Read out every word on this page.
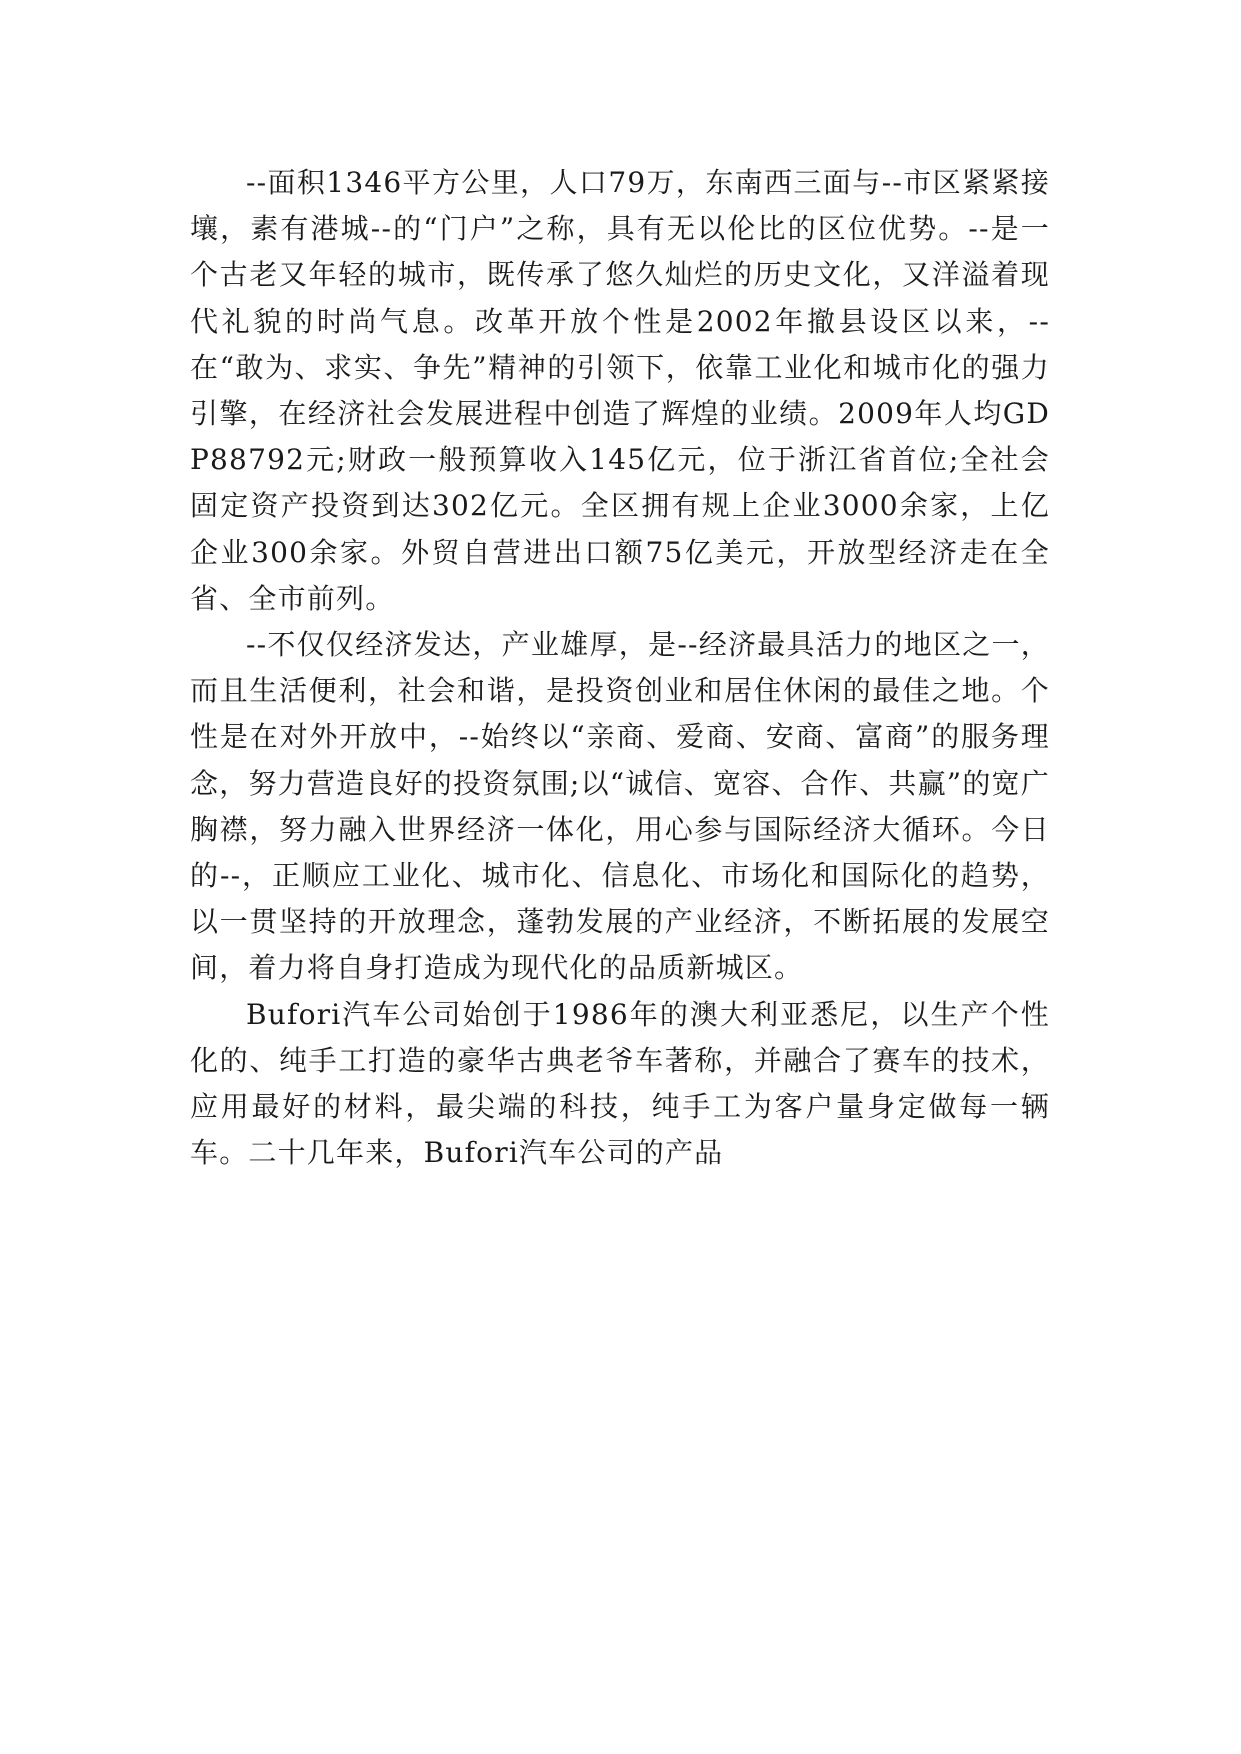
--面积1346平方公里，人口79万，东南西三面与--市区紧紧接壤，素有港城--的“门户”之称，具有无以伦比的区位优势。--是一个古老又年轻的城市，既传承了悠久灿烂的历史文化，又洋溢着现代礼貌的时尚气息。改革开放个性是2002年撤县设区以来，--在“敢为、求实、争先”精神的引领下，依靠工业化和城市化的强力引擎，在经济社会发展进程中创造了辉煌的业绩。2009年人均GDP88792元;财政一般预算收入145亿元，位于浙江省首位;全社会固定资产投资到达302亿元。全区拥有规上企业3000余家，上亿企业300余家。外贸自营进出口额75亿美元，开放型经济走在全省、全市前列。

--不仅仅经济发达，产业雄厚，是--经济最具活力的地区之一，而且生活便利，社会和谐，是投资创业和居住休闲的最佳之地。个性是在对外开放中，--始终以“亲商、爱商、安商、富商”的服务理念，努力营造良好的投资氛围;以“诚信、宽容、合作、共赢”的宽广胸襟，努力融入世界经济一体化，用心参与国际经济大循环。今日的--，正顺应工业化、城市化、信息化、市场化和国际化的趋势，以一贯坚持的开放理念，蓬勃发展的产业经济，不断拓展的发展空间，着力将自身打造成为现代化的品质新城区。

Bufori汽车公司始创于1986年的澳大利亚悉尼，以生产个性化的、纯手工打造的豪华古典老爷车著称，并融合了赛车的技术，应用最好的材料，最尖端的科技，纯手工为客户量身定做每一辆车。二十几年来，Bufori汽车公司的产品
